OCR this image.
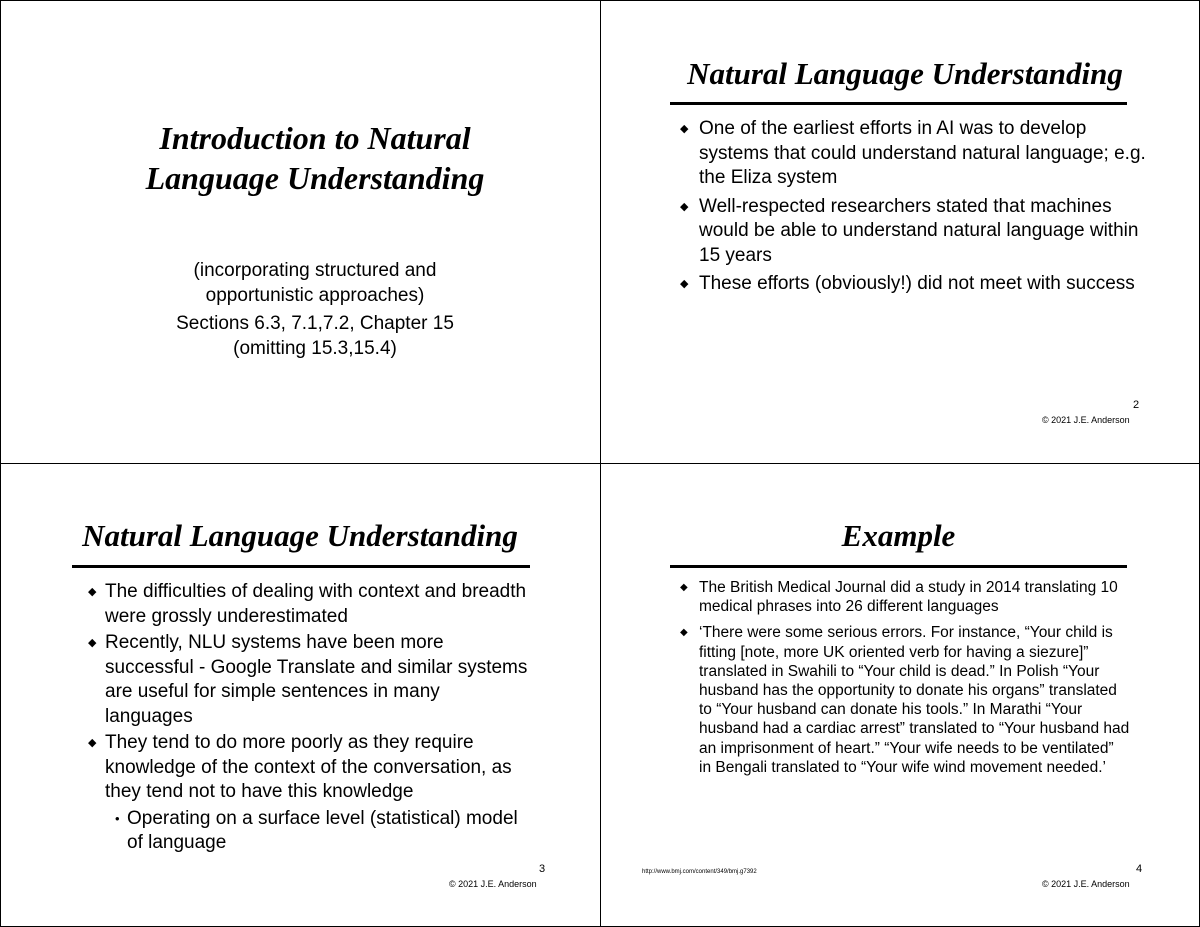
Introduction to Natural
Language Understanding
(incorporating structured and
opportunistic approaches)
Sections 6.3, 7.1,7.2, Chapter 15
(omitting 15.3,15.4)
Natural Language Understanding
◆ One of the earliest efforts in AI was to develop systems that could understand natural language; e.g. the Eliza system
◆ Well-respected researchers stated that machines would be able to understand natural language within 15 years
◆ These efforts (obviously!) did not meet with success
2
© 2021 J.E. Anderson
Natural Language Understanding
◆ The difficulties of dealing with context and breadth were grossly underestimated
◆ Recently, NLU systems have been more successful - Google Translate and similar systems are useful for simple sentences in many languages
◆ They tend to do more poorly as they require knowledge of the context of the conversation, as they tend not to have this knowledge
• Operating on a surface level (statistical) model of language
3
© 2021 J.E. Anderson
Example
◆ The British Medical Journal did a study in 2014 translating 10 medical phrases into 26 different languages
◆ ‘There were some serious errors. For instance, “Your child is fitting [note, more UK oriented verb for having a siezure]” translated in Swahili to “Your child is dead.” In Polish “Your husband has the opportunity to donate his organs” translated to “Your husband can donate his tools.” In Marathi “Your husband had a cardiac arrest” translated to “Your husband had an imprisonment of heart.” “Your wife needs to be ventilated” in Bengali translated to “Your wife wind movement needed.’
http://www.bmj.com/content/349/bmj.g7392	4
© 2021 J.E. Anderson
